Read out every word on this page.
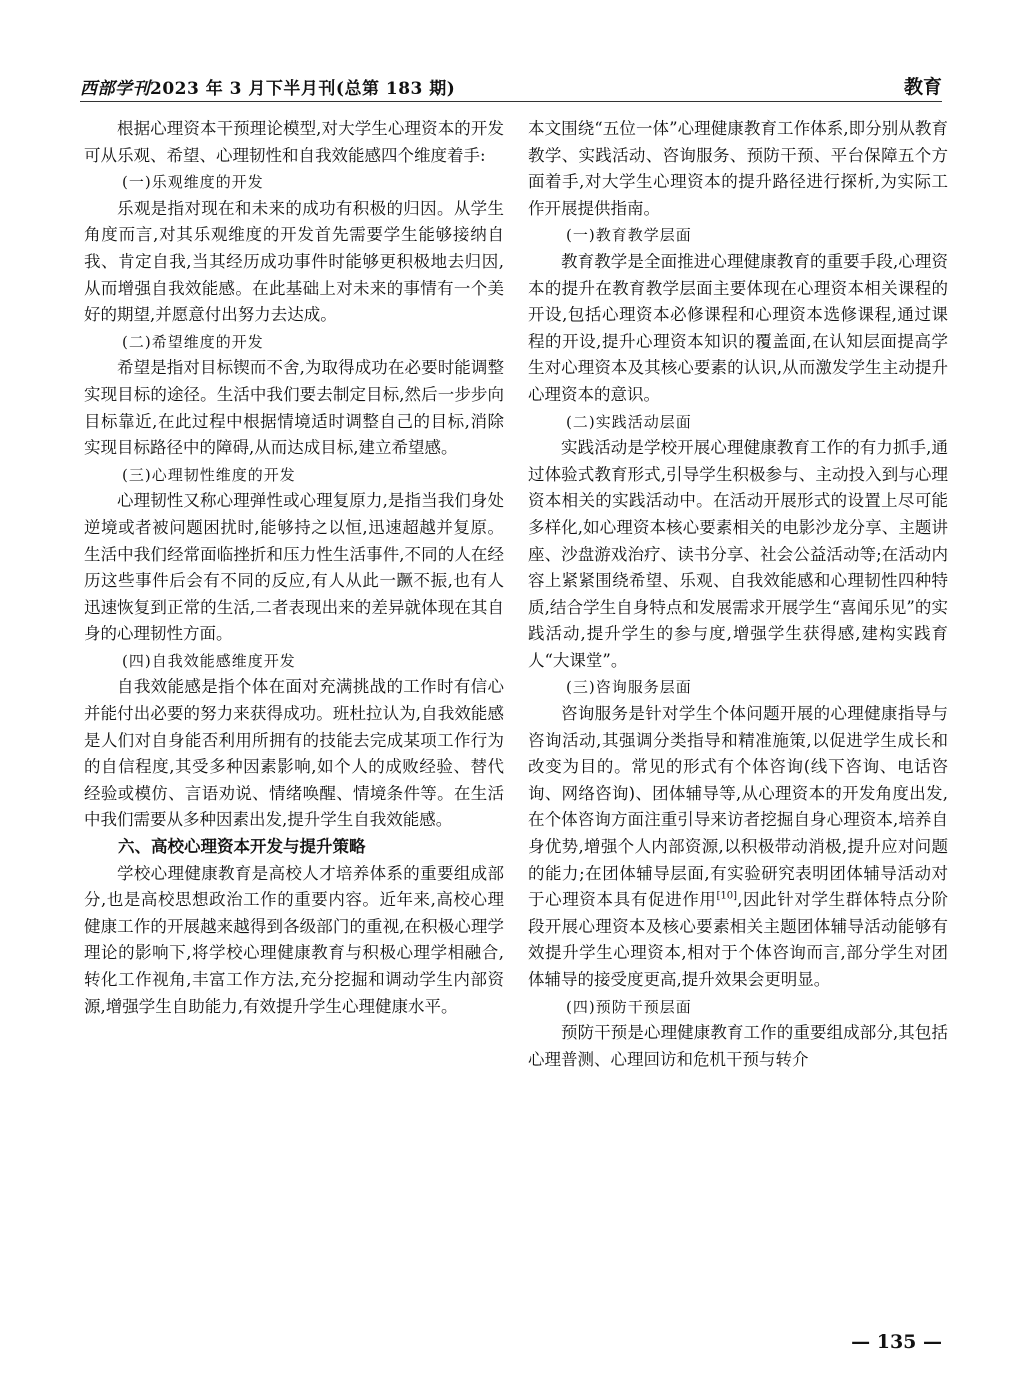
西部学刊2023 年 3 月下半月刊(总第 183 期)	教育

根据心理资本干预理论模型,对大学生心理资本的开发可从乐观、希望、心理韧性和自我效能感四个维度着手:

(一)乐观维度的开发

乐观是指对现在和未来的成功有积极的归因。从学生角度而言,对其乐观维度的开发首先需要学生能够接纳自我、肯定自我,当其经历成功事件时能够更积极地去归因,从而增强自我效能感。在此基础上对未来的事情有一个美好的期望,并愿意付出努力去达成。

(二)希望维度的开发

希望是指对目标锲而不舍,为取得成功在必要时能调整实现目标的途径。生活中我们要去制定目标,然后一步步向目标靠近,在此过程中根据情境适时调整自己的目标,消除实现目标路径中的障碍,从而达成目标,建立希望感。

(三)心理韧性维度的开发

心理韧性又称心理弹性或心理复原力,是指当我们身处逆境或者被问题困扰时,能够持之以恒,迅速超越并复原。生活中我们经常面临挫折和压力性生活事件,不同的人在经历这些事件后会有不同的反应,有人从此一蹶不振,也有人迅速恢复到正常的生活,二者表现出来的差异就体现在其自身的心理韧性方面。

(四)自我效能感维度开发

自我效能感是指个体在面对充满挑战的工作时有信心并能付出必要的努力来获得成功。班杜拉认为,自我效能感是人们对自身能否利用所拥有的技能去完成某项工作行为的自信程度,其受多种因素影响,如个人的成败经验、替代经验或模仿、言语劝说、情绪唤醒、情境条件等。在生活中我们需要从多种因素出发,提升学生自我效能感。

六、高校心理资本开发与提升策略

学校心理健康教育是高校人才培养体系的重要组成部分,也是高校思想政治工作的重要内容。近年来,高校心理健康工作的开展越来越得到各级部门的重视,在积极心理学理论的影响下,将学校心理健康教育与积极心理学相融合,转化工作视角,丰富工作方法,充分挖掘和调动学生内部资源,增强学生自助能力,有效提升学生心理健康水平。

本文围绕“五位一体”心理健康教育工作体系,即分别从教育教学、实践活动、咨询服务、预防干预、平台保障五个方面着手,对大学生心理资本的提升路径进行探析,为实际工作开展提供指南。

(一)教育教学层面

教育教学是全面推进心理健康教育的重要手段,心理资本的提升在教育教学层面主要体现在心理资本相关课程的开设,包括心理资本必修课程和心理资本选修课程,通过课程的开设,提升心理资本知识的覆盖面,在认知层面提高学生对心理资本及其核心要素的认识,从而激发学生主动提升心理资本的意识。

(二)实践活动层面

实践活动是学校开展心理健康教育工作的有力抓手,通过体验式教育形式,引导学生积极参与、主动投入到与心理资本相关的实践活动中。在活动开展形式的设置上尽可能多样化,如心理资本核心要素相关的电影沙龙分享、主题讲座、沙盘游戏治疗、读书分享、社会公益活动等;在活动内容上紧紧围绕希望、乐观、自我效能感和心理韧性四种特质,结合学生自身特点和发展需求开展学生“喜闻乐见”的实践活动,提升学生的参与度,增强学生获得感,建构实践育人“大课堂”。

(三)咨询服务层面

咨询服务是针对学生个体问题开展的心理健康指导与咨询活动,其强调分类指导和精准施策,以促进学生成长和改变为目的。常见的形式有个体咨询(线下咨询、电话咨询、网络咨询)、团体辅导等,从心理资本的开发角度出发,在个体咨询方面注重引导来访者挖掘自身心理资本,培养自身优势,增强个人内部资源,以积极带动消极,提升应对问题的能力;在团体辅导层面,有实验研究表明团体辅导活动对于心理资本具有促进作用[10],因此针对学生群体特点分阶段开展心理资本及核心要素相关主题团体辅导活动能够有效提升学生心理资本,相对于个体咨询而言,部分学生对团体辅导的接受度更高,提升效果会更明显。

(四)预防干预层面

预防干预是心理健康教育工作的重要组成部分,其包括心理普测、心理回访和危机干预与转介

— 135 —
